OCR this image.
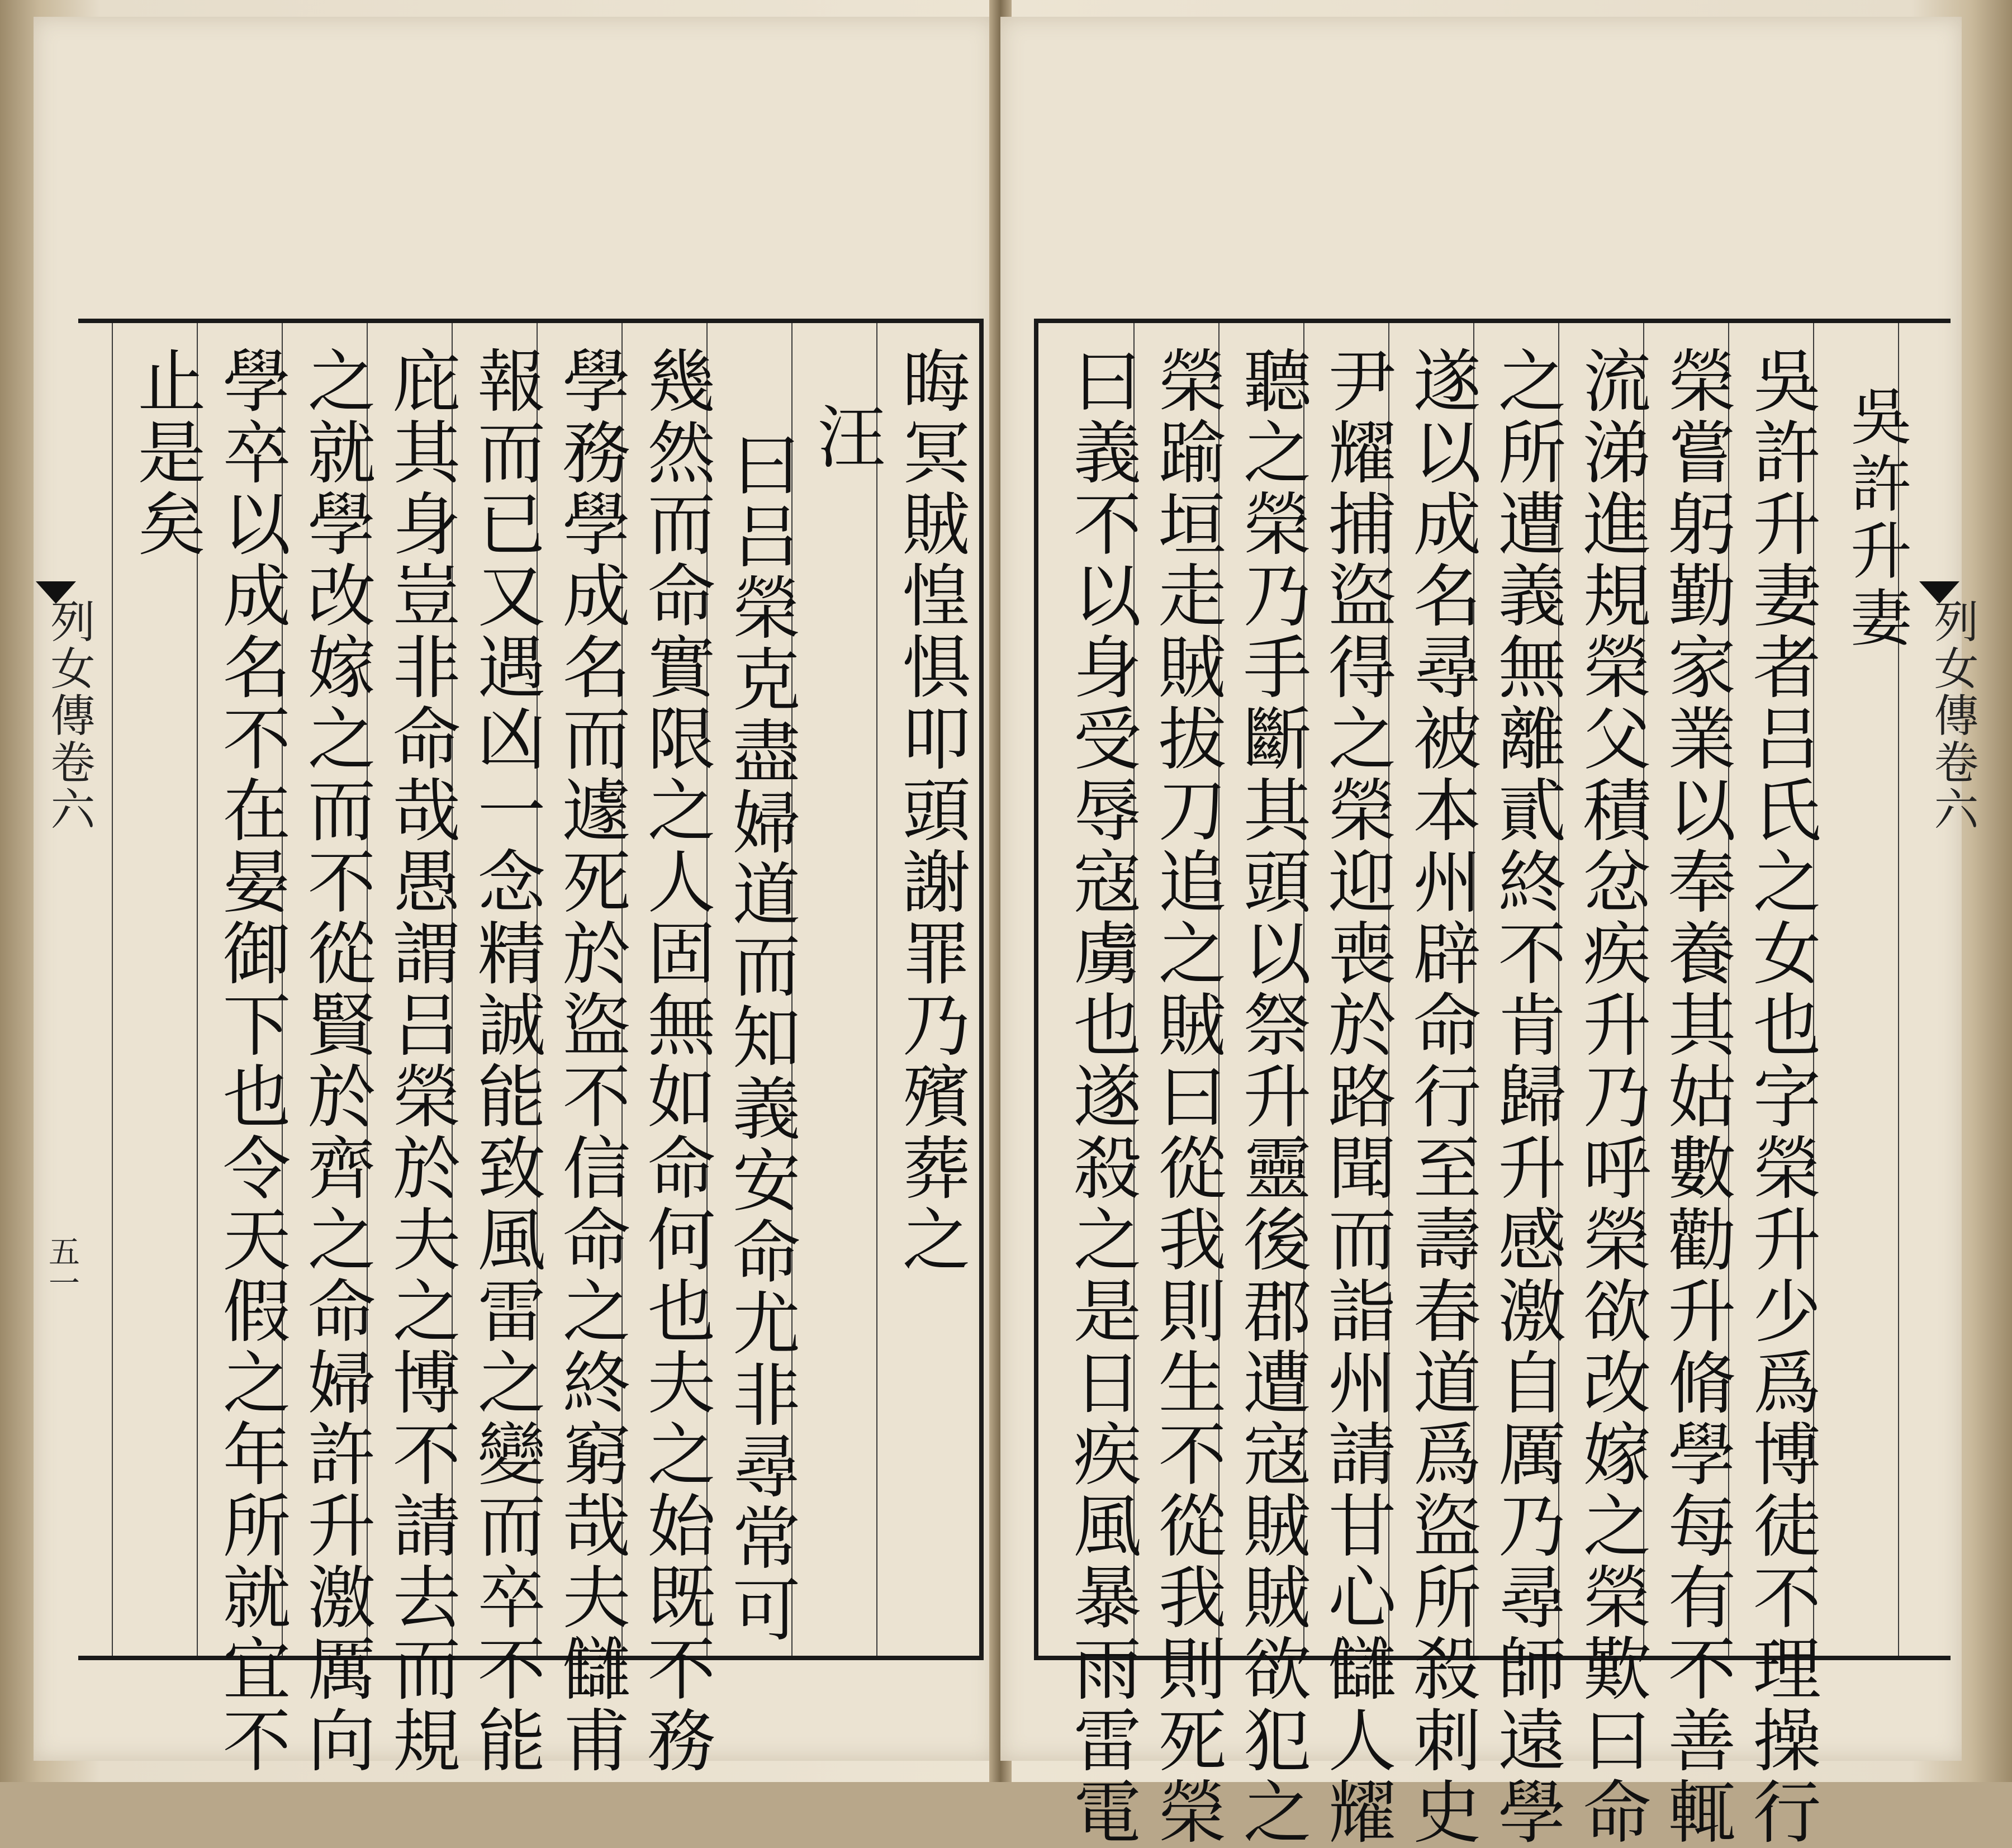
列女傳卷六
五一	晦冥賊惶惧叩頭謝罪乃殯葬之
汪
曰吕榮克盡婦道而知義安命尤非尋常可
幾然而命實限之人固無如命何也夫之始既不務
學務學成名而遽死於盜不信命之終窮哉夫讎甫
報而已又遇凶一念精誠能致風雷之變而卒不能
庇其身豈非命哉愚謂吕榮於夫之博不請去而規
之就學改嫁之而不從賢於齊之命婦許升激厲向
學卒以成名不在晏御下也令天假之年所就宜不
止是矣	吳許升妻
吳許升妻者吕氏之女也字榮升少爲博徒不理操行
榮嘗躬勤家業以奉養其姑數勸升脩學每有不善輒
流涕進規榮父積忿疾升乃呼榮欲改嫁之榮歎曰命
之所遭義無離貳終不肯歸升感激自厲乃尋師遠學
遂以成名尋被本州辟命行至壽春道爲盜所殺刺史
尹耀捕盜得之榮迎喪於路聞而詣州請甘心讎人耀
聽之榮乃手斷其頭以祭升靈後郡遭寇賊賊欲犯之
榮踰垣走賊拔刀追之賊曰從我則生不從我則死榮
曰義不以身受辱寇虜也遂殺之是日疾風暴雨雷電	列女傳卷六
